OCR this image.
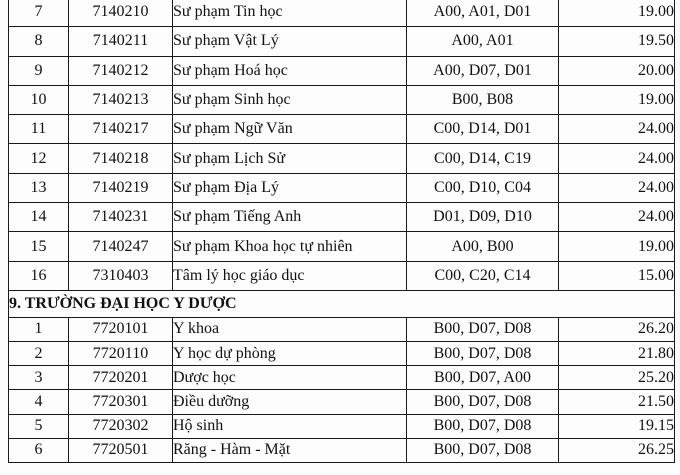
7	7140210	Sư phạm Tin học	A00, A01, D01	19.00
8	7140211	Sư phạm Vật Lý	A00, A01	19.50
9	7140212	Sư phạm Hoá học	A00, D07, D01	20.00
10	7140213	Sư phạm Sinh học	B00, B08	19.00
11	7140217	Sư phạm Ngữ Văn	C00, D14, D01	24.00
12	7140218	Sư phạm Lịch Sử	C00, D14, C19	24.00
13	7140219	Sư phạm Địa Lý	C00, D10, C04	24.00
14	7140231	Sư phạm Tiếng Anh	D01, D09, D10	24.00
15	7140247	Sư phạm Khoa học tự nhiên	A00, B00	19.00
16	7310403	Tâm lý học giáo dục	C00, C20, C14	15.00
9. TRƯỜNG ĐẠI HỌC Y DƯỢC				
1	7720101	Y khoa	B00, D07, D08	26.20
2	7720110	Y học dự phòng	B00, D07, D08	21.80
3	7720201	Dược học	B00, D07, A00	25.20
4	7720301	Điều dưỡng	B00, D07, D08	21.50
5	7720302	Hộ sinh	B00, D07, D08	19.15
6	7720501	Răng - Hàm - Mặt	B00, D07, D08	26.25
